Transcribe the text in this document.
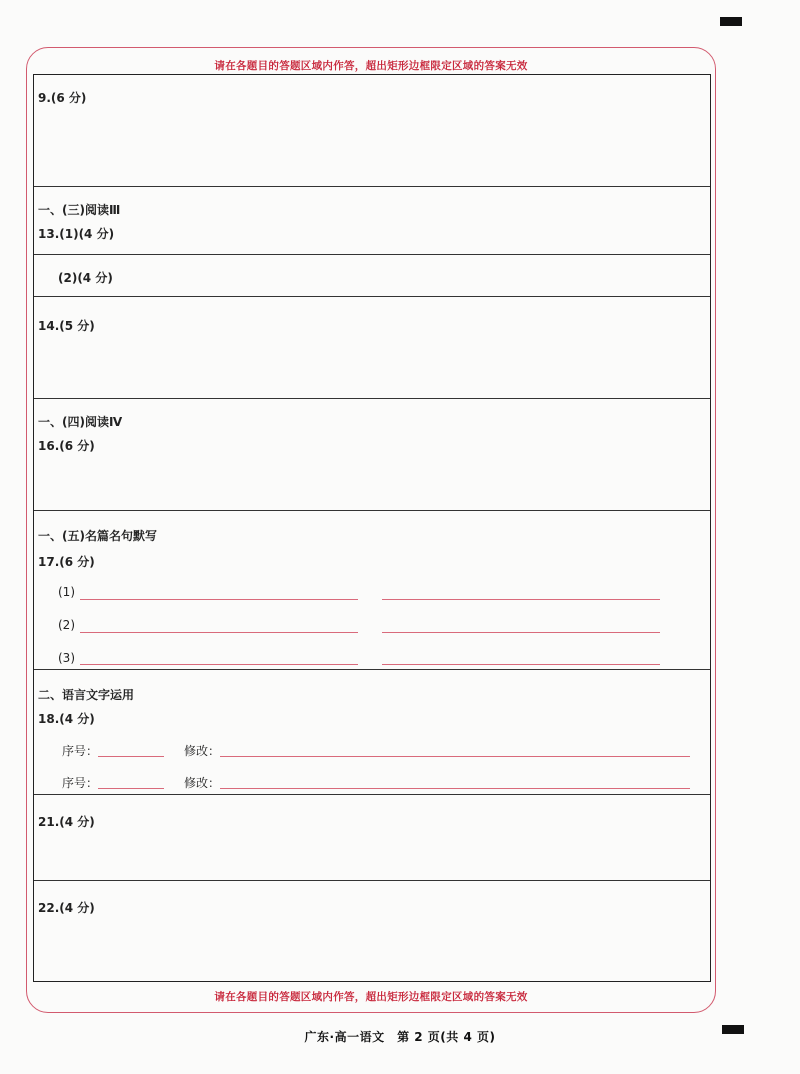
请在各题目的答题区域内作答，超出矩形边框限定区域的答案无效
9.(6 分)
一、(三)阅读Ⅲ
13.(1)(4 分)
(2)(4 分)
14.(5 分)
一、(四)阅读Ⅳ
16.(6 分)
一、(五)名篇名句默写
17.(6 分)
(1)
(2)
(3)
二、语言文字运用
18.(4 分)
序号：	修改：
序号：	修改：
21.(4 分)
22.(4 分)
请在各题目的答题区域内作答，超出矩形边框限定区域的答案无效
广东·高一语文　第 2 页(共 4 页)
